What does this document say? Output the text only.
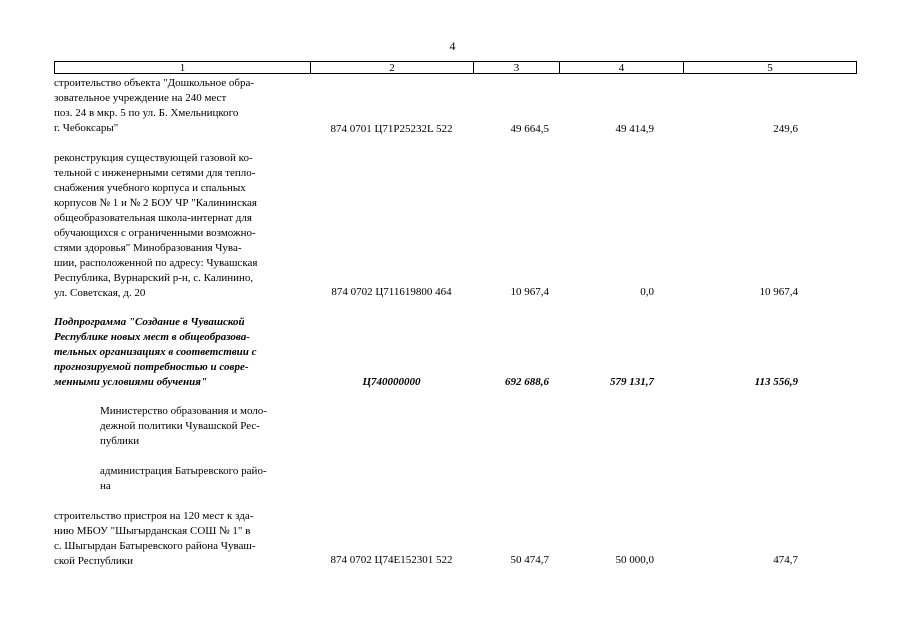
4
1	2	3	4	5
строительство объекта "Дошкольное обра-
зовательное учреждение на 240 мест
поз. 24 в мкр. 5 по ул. Б. Хмельницкого
г. Чебоксары"	874 0701 Ц71Р25232L 522	49 664,5	49 414,9	249,6
реконструкция существующей газовой ко-
тельной с инженерными сетями для тепло-
снабжения учебного корпуса и спальных
корпусов № 1 и № 2 БОУ ЧР "Калининская
общеобразовательная школа-интернат для
обучающихся с ограниченными возможно-
стями здоровья" Минобразования Чува-
шии, расположенной по адресу: Чувашская
Республика, Вурнарский р-н, с. Калинино,
ул. Советская, д. 20	874 0702 Ц711619800 464	10 967,4	0,0	10 967,4
Подпрограмма "Создание в Чувашской
Республике новых мест в общеобразова-
тельных организациях в соответствии с
прогнозируемой потребностью и совре-
менными условиями обучения"	Ц740000000	692 688,6	579 131,7	113 556,9
Министерство образования и моло-
дежной политики Чувашской Рес-
публики
администрация Батыревского райо-
на
строительство пристроя на 120 мест к зда-
нию МБОУ "Шыгырданская СОШ № 1" в
с. Шыгырдан Батыревского района Чуваш-
ской Республики	874 0702 Ц74Е152301 522	50 474,7	50 000,0	474,7
